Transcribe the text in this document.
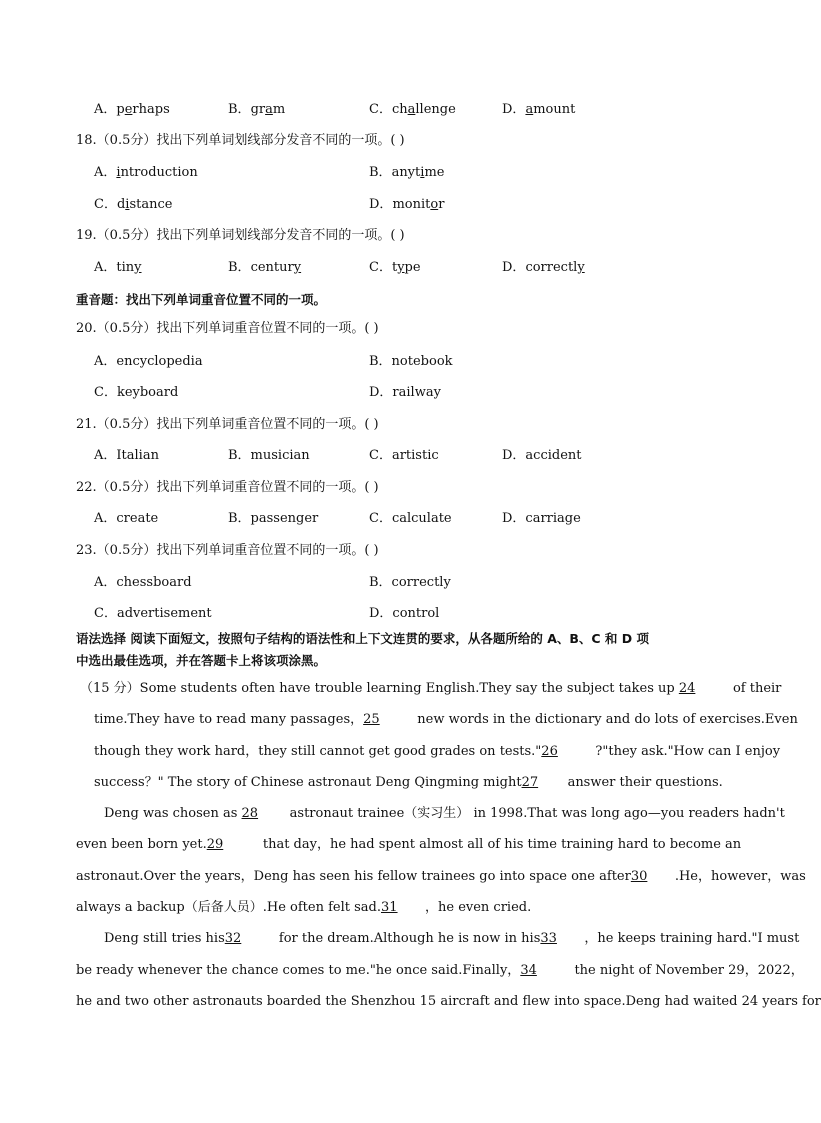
A．perhaps	B．gram	C．challenge	D．amount
18.（0.5分）找出下列单词划线部分发音不同的一项。( )
A．introduction	B．anytime
C．distance	D．monitor
19.（0.5分）找出下列单词划线部分发音不同的一项。( )
A．tiny	B．century	C．type	D．correctly
重音题：找出下列单词重音位置不同的一项。
20.（0.5分）找出下列单词重音位置不同的一项。( )
A．encyclopedia	B．notebook
C．keyboard	D．railway
21.（0.5分）找出下列单词重音位置不同的一项。( )
A．Italian	B．musician	C．artistic	D．accident
22.（0.5分）找出下列单词重音位置不同的一项。( )
A．create	B．passenger	C．calculate	D．carriage
23.（0.5分）找出下列单词重音位置不同的一项。( )
A．chessboard	B．correctly
C．advertisement	D．control
语法选择 阅读下面短文，按照句子结构的语法性和上下文连贯的要求，从各题所给的 A、B、C 和 D 项
中选出最佳选项，并在答题卡上将该项涂黑。
（15 分）Some students often have trouble learning English.They say the subject takes up 24	of their
time.They have to read many passages，25	new words in the dictionary and do lots of exercises.Even
though they work hard，they still cannot get good grades on tests."26	?"they ask."How can I enjoy
success？" The story of Chinese astronaut Deng Qingming might27 answer their questions.
Deng was chosen as 28 astronaut trainee（实习生） in 1998.That was long ago—you readers hadn't
even been born yet.29	that day，he had spent almost all of his time training hard to become an
astronaut.Over the years，Deng has seen his fellow trainees go into space one after30 .He，however，was
always a backup（后备人员）.He often felt sad.31 ，he even cried.
Deng still tries his32	for the dream.Although he is now in his33 ，he keeps training hard."I must
be ready whenever the chance comes to me."he once said.Finally，34	the night of November 29，2022，
he and two other astronauts boarded the Shenzhou 15 aircraft and flew into space.Deng had waited 24 years for
